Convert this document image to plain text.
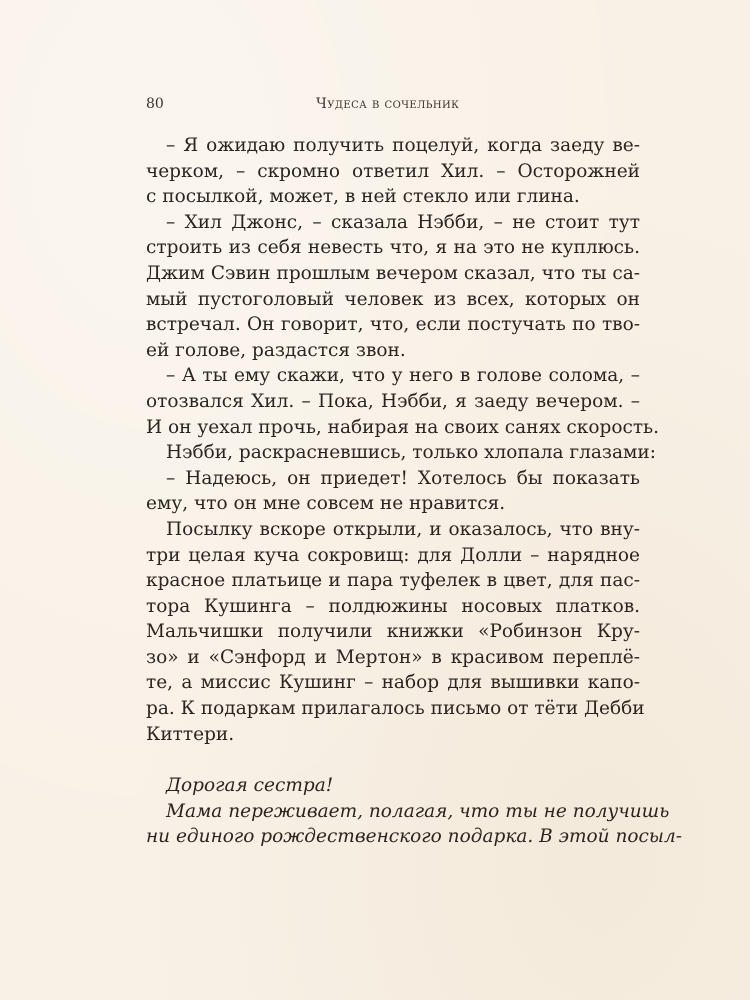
80	Чудеса в сочельник
– Я ожидаю получить поцелуй, когда заеду ве-
черком, – скромно ответил Хил. – Осторожней
с посылкой, может, в ней стекло или глина.
– Хил Джонс, – сказала Нэбби, – не стоит тут
строить из себя невесть что, я на это не куплюсь.
Джим Сэвин прошлым вечером сказал, что ты са-
мый пустоголовый человек из всех, которых он
встречал. Он говорит, что, если постучать по тво-
ей голове, раздастся звон.
– А ты ему скажи, что у него в голове солома, –
отозвался Хил. – Пока, Нэбби, я заеду вечером. –
И он уехал прочь, набирая на своих санях скорость.
Нэбби, раскрасневшись, только хлопала глазами:
– Надеюсь, он приедет! Хотелось бы показать
ему, что он мне совсем не нравится.
Посылку вскоре открыли, и оказалось, что вну-
три целая куча сокровищ: для Долли – нарядное
красное платьице и пара туфелек в цвет, для пас-
тора Кушинга – полдюжины носовых платков.
Мальчишки получили книжки «Робинзон Кру-
зо» и «Сэнфорд и Мертон» в красивом перeплё-
те, а миссис Кушинг – набор для вышивки капо-
ра. К подаркам прилагалось письмо от тёти Дебби
Киттери.
Дорогая сестра!
Мама переживает, полагая, что ты не получишь
ни единого рождественского подарка. В этой посыл-
